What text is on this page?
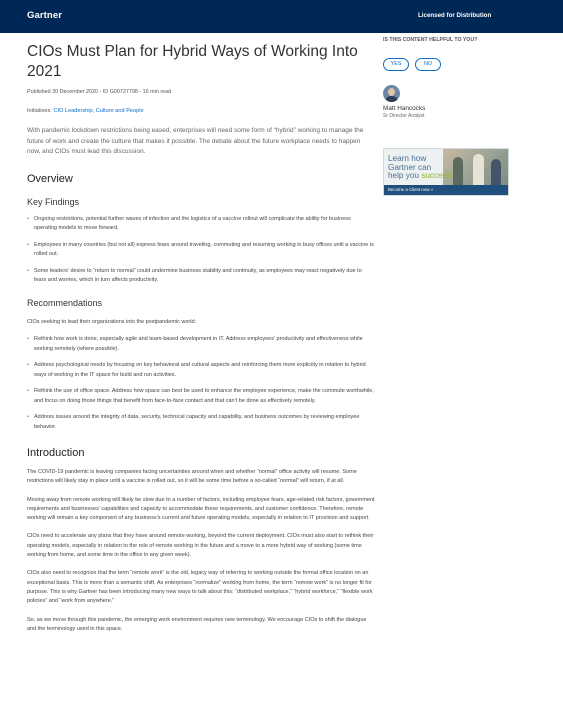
Gartner	Licensed for Distribution
CIOs Must Plan for Hybrid Ways of Working Into 2021
Published 30 December 2020 - ID G00727798 - 16 min read
Initiatives: CIO Leadership, Culture and People

With pandemic lockdown restrictions being eased, enterprises will need some form of “hybrid” working to manage the future of work and create the culture that makes it possible. The debate about the future workplace needs to happen now, and CIOs must lead this discussion.

Overview
Key Findings
• Ongoing restrictions, potential further waves of infection and the logistics of a vaccine rollout will complicate the ability for business operating models to move forward.
• Employees in many countries (but not all) express fears around traveling, commuting and resuming working in busy offices until a vaccine is rolled out.
• Some leaders’ desire to “return to normal” could undermine business stability and continuity, as employees may react negatively due to fears and worries, which in turn affects productivity.
Recommendations

CIOs seeking to lead their organizations into the postpandemic world:

• Rethink how work is done, especially agile and team-based development in IT. Address employees’ productivity and effectiveness while working remotely (where possible).
• Address psychological needs by focusing on key behavioral and cultural aspects and reinforcing them more explicitly in relation to hybrid ways of working in the IT space for build and run activities.
• Rethink the use of office space. Address how space can best be used to enhance the employee experience, make the commute worthwhile, and focus on doing those things that benefit from face-to-face contact and that can’t be done as effectively remotely.
• Address issues around the integrity of data, security, technical capacity and capability, and business outcomes by reviewing employee behavior.
Introduction

The COVID-19 pandemic is leaving companies facing uncertainties around when and whether “normal” office activity will resume. Some restrictions will likely stay in place until a vaccine is rolled out, so it will be some time before a so-called “normal” will return, if at all.

Moving away from remote working will likely be slow due to a number of factors, including employee fears, age-related risk factors, government requirements and businesses’ capabilities and capacity to accommodate these requirements, and customer confidence. Therefore, remote working will remain a key component of any business’s current and future operating models, especially in relation to IT provision and support.

CIOs need to accelerate any plans that they have around remote working, beyond the current deployment. CIOs must also start to rethink their operating models, especially in relation to the role of remote working in the future and a move to a more hybrid way of working (some time working from home, and some time in the office in any given week).

CIOs also need to recognize that the term “remote work” is the old, legacy way of referring to working outside the formal office location on an exceptional basis. This is more than a semantic shift. As enterprises “normalize” working from home, the term “remote work” is no longer fit for purpose. This is why Gartner has been introducing many new ways to talk about this: “distributed workplace,” “hybrid workforce,” “flexible work policies” and “work from anywhere.”

So, as we move through this pandemic, the emerging work environment requires new terminology. We encourage CIOs to shift the dialogue and the terminology used in this space.

IS THIS CONTENT HELPFUL TO YOU?
YES	NO
Matt Hancocks
Sr Director Analyst
Learn how
Gartner can
help you succeed
Become a Client now »
